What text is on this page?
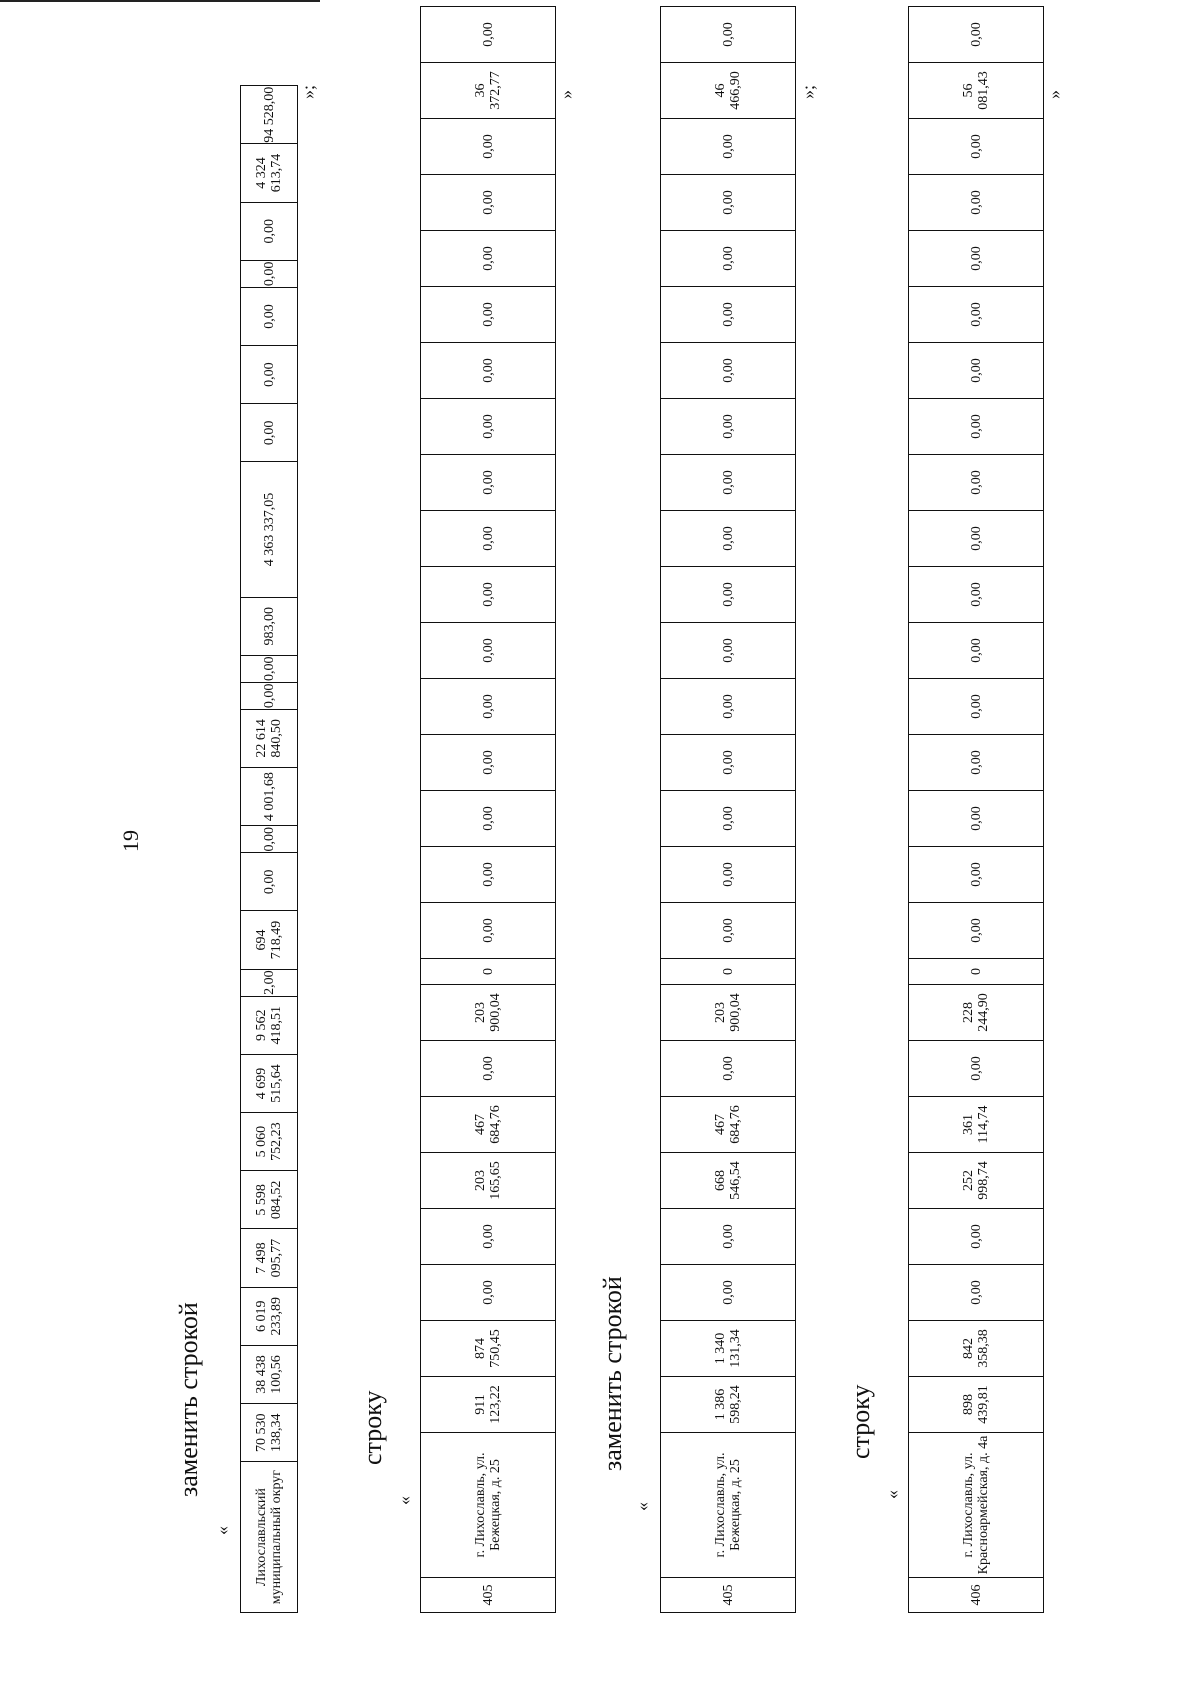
19
заменить строкой
« Лихославльский муниципальный округ	70 530 138,34	38 438 100,56	6 019 233,89	7 498 095,77	5 598 084,52	5 060 752,23	4 699 515,64	9 562 418,51	2,00	694 718,49	0,00	0,00	4 001,68	22 614 840,50	0,00	0,00	983,00	4 363 337,05	0,00	0,00	0,00	0,00	0,00	4 324 613,74	94 528,00 »;
строку
«
405	г. Лихославль, ул. Бежецкая, д. 25	911 123,22	874 750,45	0,00	0,00	203 165,65	467 684,76	0,00	203 900,04	0	0,00	0,00	0,00	0,00	0,00	0,00	0,00	0,00	0,00	0,00	0,00	0,00	0,00	0,00	0,00	36 372,77	0,00
»
заменить строкой
«
405	г. Лихославль, ул. Бежецкая, д. 25	1 386 598,24	1 340 131,34	0,00	0,00	668 546,54	467 684,76	0,00	203 900,04	0	0,00	0,00	0,00	0,00	0,00	0,00	0,00	0,00	0,00	0,00	0,00	0,00	0,00	0,00	0,00	46 466,90	0,00
»;
строку
«
406	г. Лихославль, ул. Красноармейская, д. 4а	898 439,81	842 358,38	0,00	0,00	252 998,74	361 114,74	0,00	228 244,90	0	0,00	0,00	0,00	0,00	0,00	0,00	0,00	0,00	0,00	0,00	0,00	0,00	0,00	0,00	0,00	56 081,43	0,00
»
